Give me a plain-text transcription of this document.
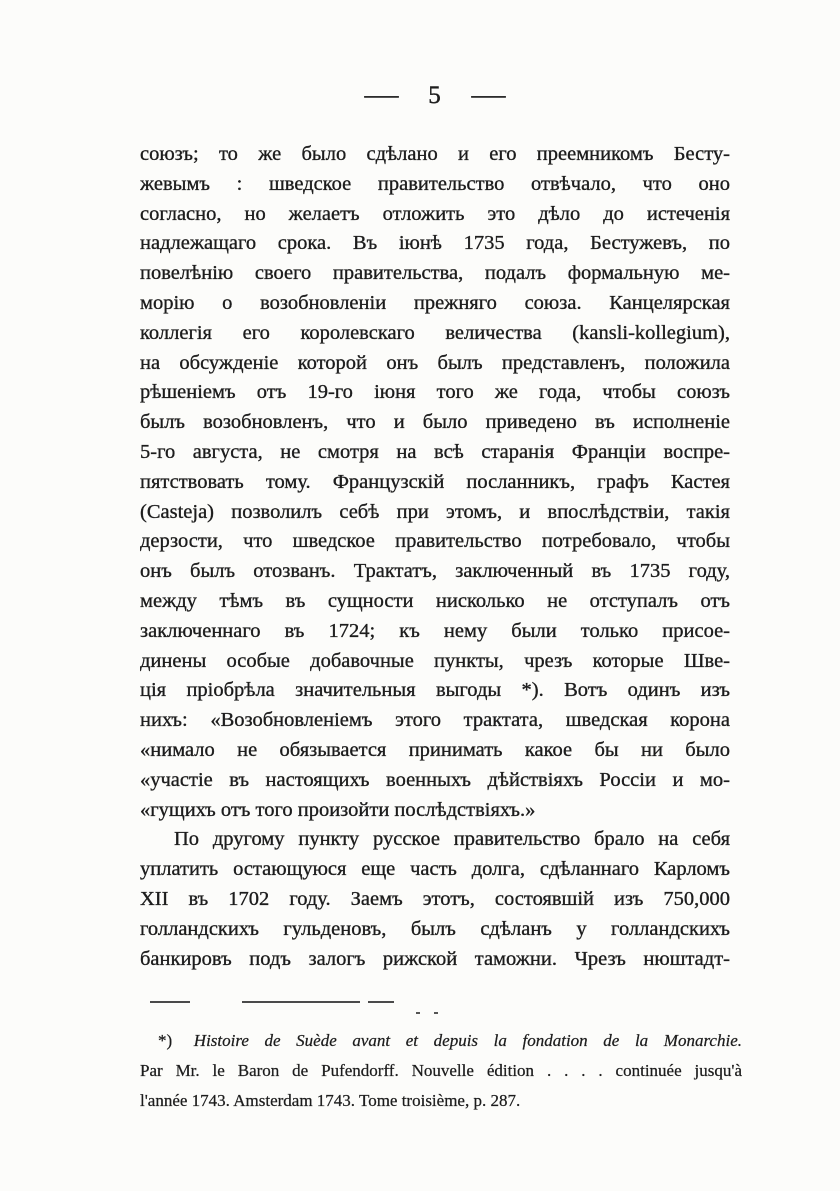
— 5 —
союзъ; то же было сдѣлано и его преемникомъ Бесту-
жевымъ : шведское правительство отвѣчало, что оно
согласно, но желаетъ отложить это дѣло до истеченія
надлежащаго срока. Въ іюнѣ 1735 года, Бестужевъ, по
повелѣнію своего правительства, подалъ формальную ме-
морію о возобновленіи прежняго союза. Канцелярская
коллегія его королевскаго величества (kansli-kollegium),
на обсужденіе которой онъ былъ представленъ, положила
рѣшеніемъ отъ 19-го іюня того же года, чтобы союзъ
былъ возобновленъ, что и было приведено въ исполненіе
5-го августа, не смотря на всѣ старанія Франціи воспре-
пятствовать тому. Французскій посланникъ, графъ Кастея
(Casteja) позволилъ себѣ при этомъ, и впослѣдствіи, такія
дерзости, что шведское правительство потребовало, чтобы
онъ былъ отозванъ. Трактатъ, заключенный въ 1735 году,
между тѣмъ въ сущности нисколько не отступалъ отъ
заключеннаго въ 1724; къ нему были только присое-
динены особые добавочные пункты, чрезъ которые Шве-
ція пріобрѣла значительныя выгоды *). Вотъ одинъ изъ
нихъ: «Возобновленіемъ этого трактата, шведская корона
«нимало не обязывается принимать какое бы ни было
«участіе въ настоящихъ военныхъ дѣйствіяхъ Россіи и мо-
«гущихъ отъ того произойти послѣдствіяхъ.»
По другому пункту русское правительство брало на себя
уплатить остающуюся еще часть долга, сдѣланнаго Карломъ
XII въ 1702 году. Заемъ этотъ, состоявшій изъ 750,000
голландскихъ гульденовъ, былъ сдѣланъ у голландскихъ
банкировъ подъ залогъ рижской таможни. Чрезъ нюштадт-
*) Histoire de Suède avant et depuis la fondation de la Monarchie.
Par Mr. le Baron de Pufendorff. Nouvelle édition . . . . continuée jusqu'à
l'année 1743. Amsterdam 1743. Tome troisième, p. 287.
